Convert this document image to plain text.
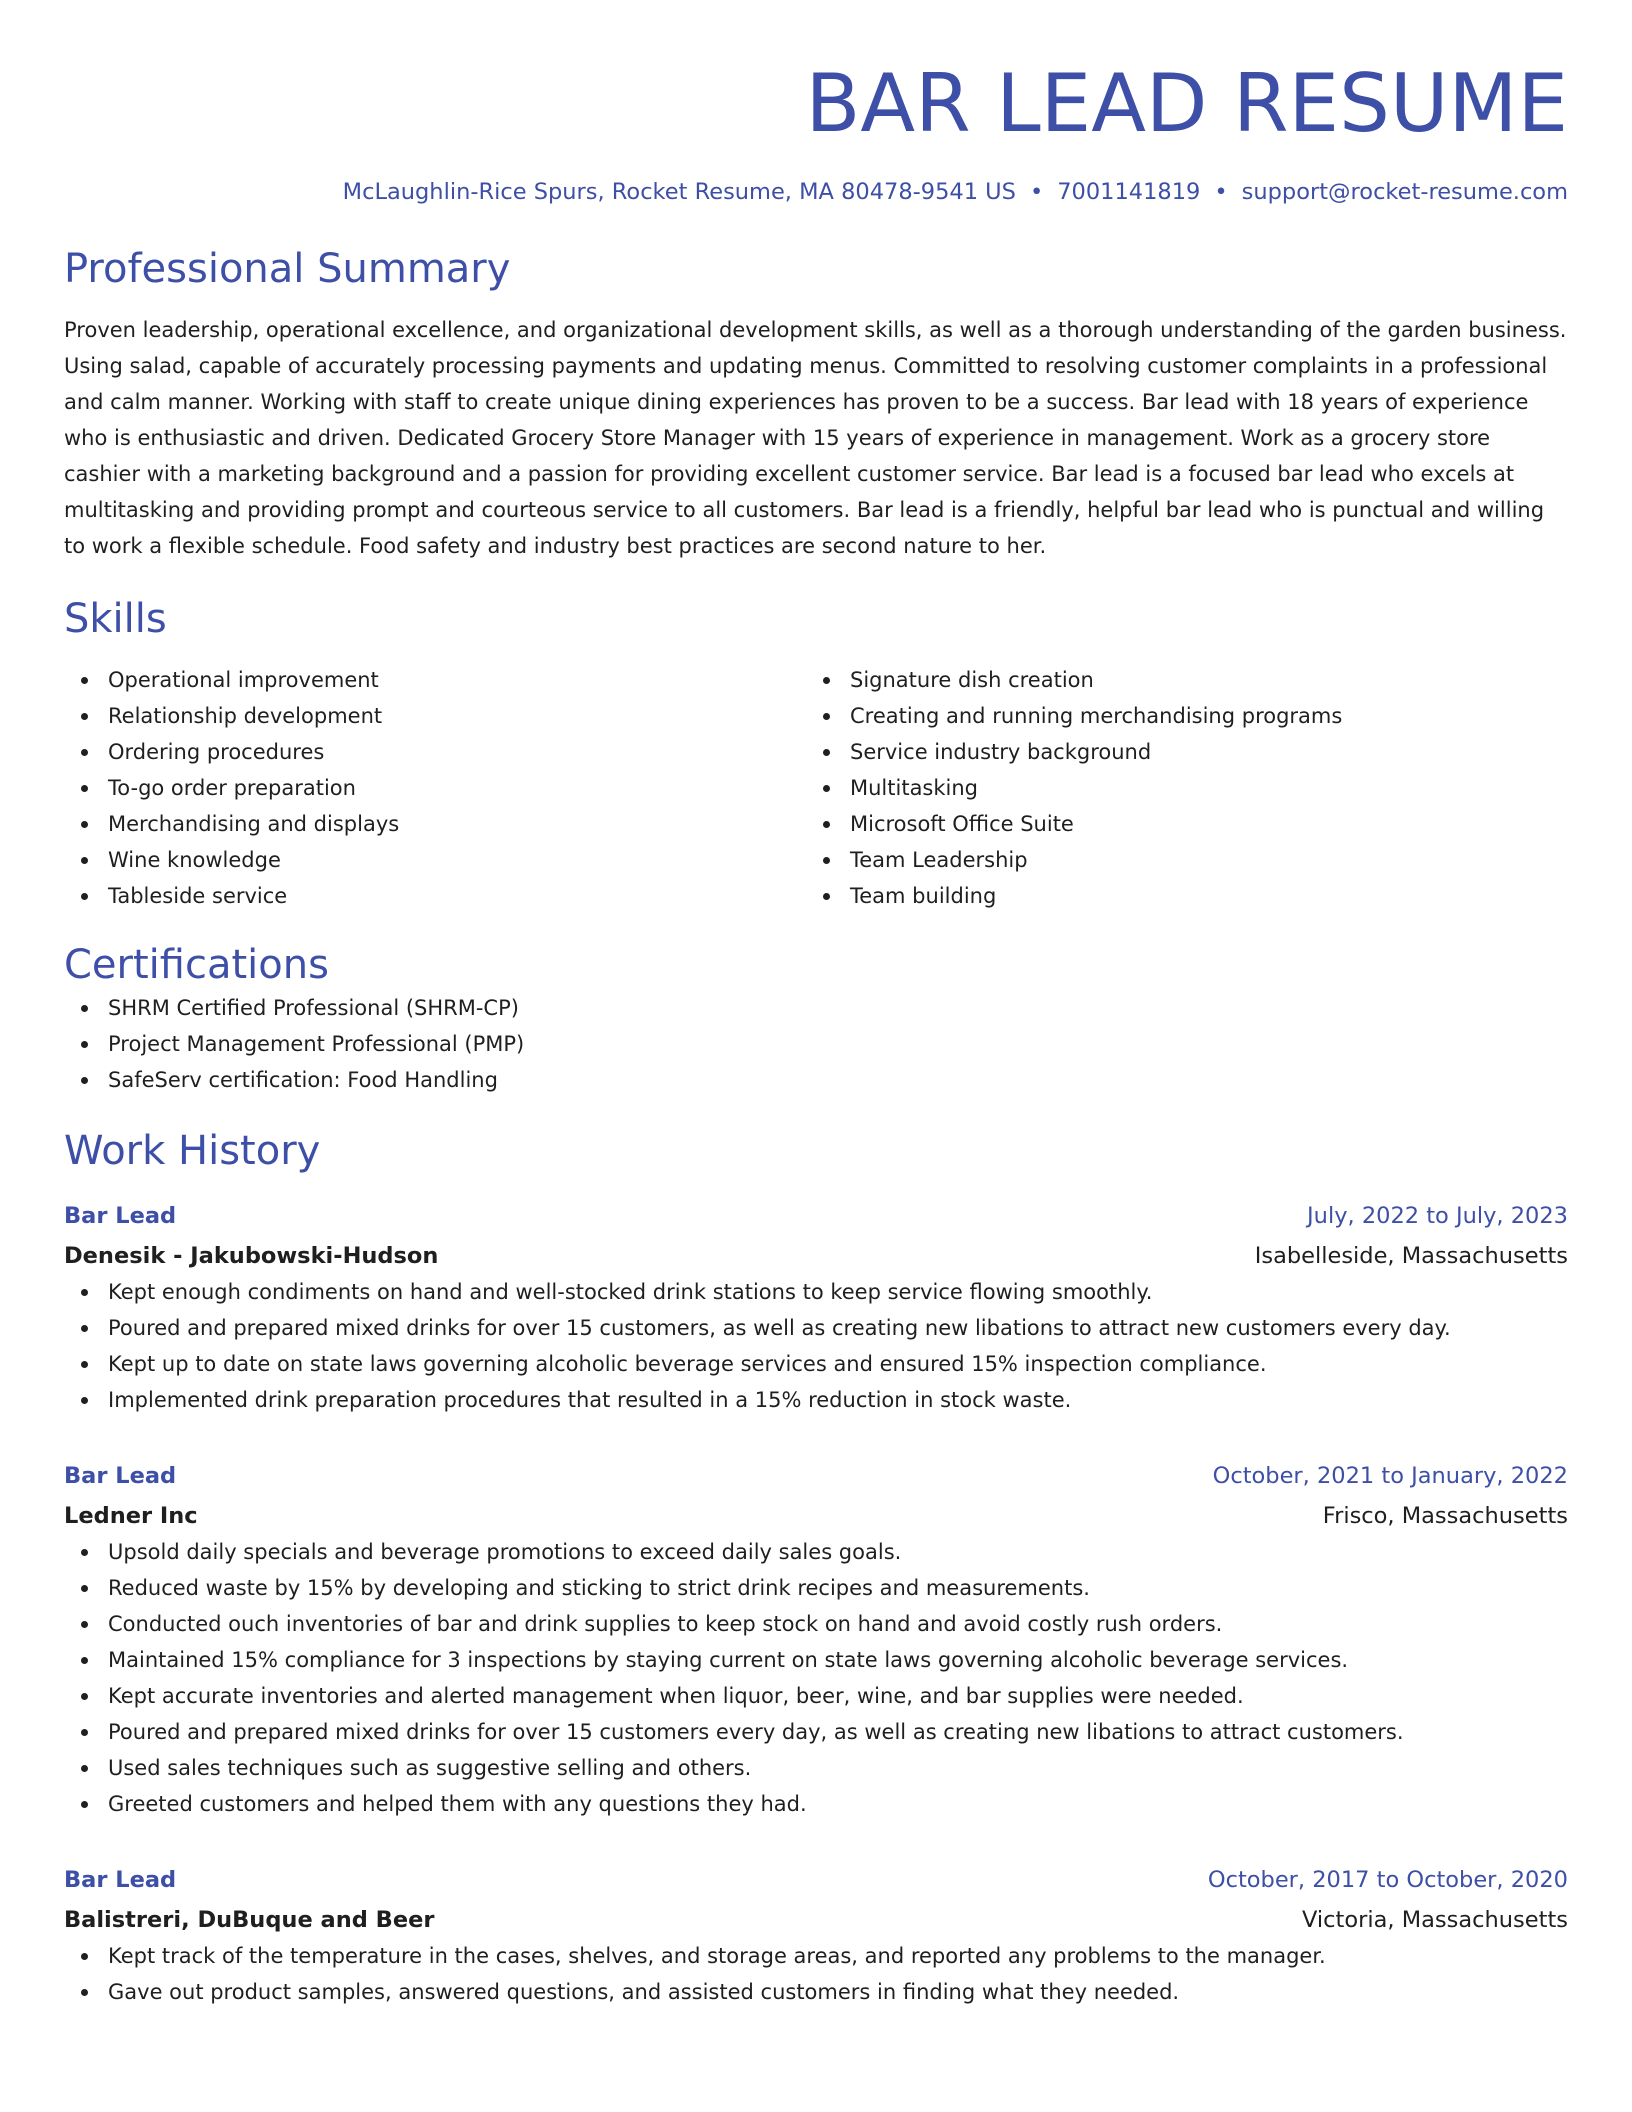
BAR LEAD RESUME
McLaughlin-Rice Spurs, Rocket Resume, MA 80478-9541 US • 7001141819 • support@rocket-resume.com
Professional Summary

Proven leadership, operational excellence, and organizational development skills, as well as a thorough understanding of the garden business. Using salad, capable of accurately processing payments and updating menus. Committed to resolving customer complaints in a professional and calm manner. Working with staff to create unique dining experiences has proven to be a success. Bar lead with 18 years of experience who is enthusiastic and driven. Dedicated Grocery Store Manager with 15 years of experience in management. Work as a grocery store cashier with a marketing background and a passion for providing excellent customer service. Bar lead is a focused bar lead who excels at multitasking and providing prompt and courteous service to all customers. Bar lead is a friendly, helpful bar lead who is punctual and willing to work a flexible schedule. Food safety and industry best practices are second nature to her.

Skills
Operational improvement
Relationship development
Ordering procedures
To-go order preparation
Merchandising and displays
Wine knowledge
Tableside service
Signature dish creation
Creating and running merchandising programs
Service industry background
Multitasking
Microsoft Office Suite
Team Leadership
Team building
Certifications
SHRM Certified Professional (SHRM-CP)
Project Management Professional (PMP)
SafeServ certification: Food Handling
Work History
Bar Lead	July, 2022 to July, 2023
Denesik - Jakubowski-Hudson	Isabelleside, Massachusetts
Kept enough condiments on hand and well-stocked drink stations to keep service flowing smoothly.
Poured and prepared mixed drinks for over 15 customers, as well as creating new libations to attract new customers every day.
Kept up to date on state laws governing alcoholic beverage services and ensured 15% inspection compliance.
Implemented drink preparation procedures that resulted in a 15% reduction in stock waste.
Bar Lead	October, 2021 to January, 2022
Ledner Inc	Frisco, Massachusetts
Upsold daily specials and beverage promotions to exceed daily sales goals.
Reduced waste by 15% by developing and sticking to strict drink recipes and measurements.
Conducted ouch inventories of bar and drink supplies to keep stock on hand and avoid costly rush orders.
Maintained 15% compliance for 3 inspections by staying current on state laws governing alcoholic beverage services.
Kept accurate inventories and alerted management when liquor, beer, wine, and bar supplies were needed.
Poured and prepared mixed drinks for over 15 customers every day, as well as creating new libations to attract customers.
Used sales techniques such as suggestive selling and others.
Greeted customers and helped them with any questions they had.
Bar Lead	October, 2017 to October, 2020
Balistreri, DuBuque and Beer	Victoria, Massachusetts
Kept track of the temperature in the cases, shelves, and storage areas, and reported any problems to the manager.
Gave out product samples, answered questions, and assisted customers in finding what they needed.
